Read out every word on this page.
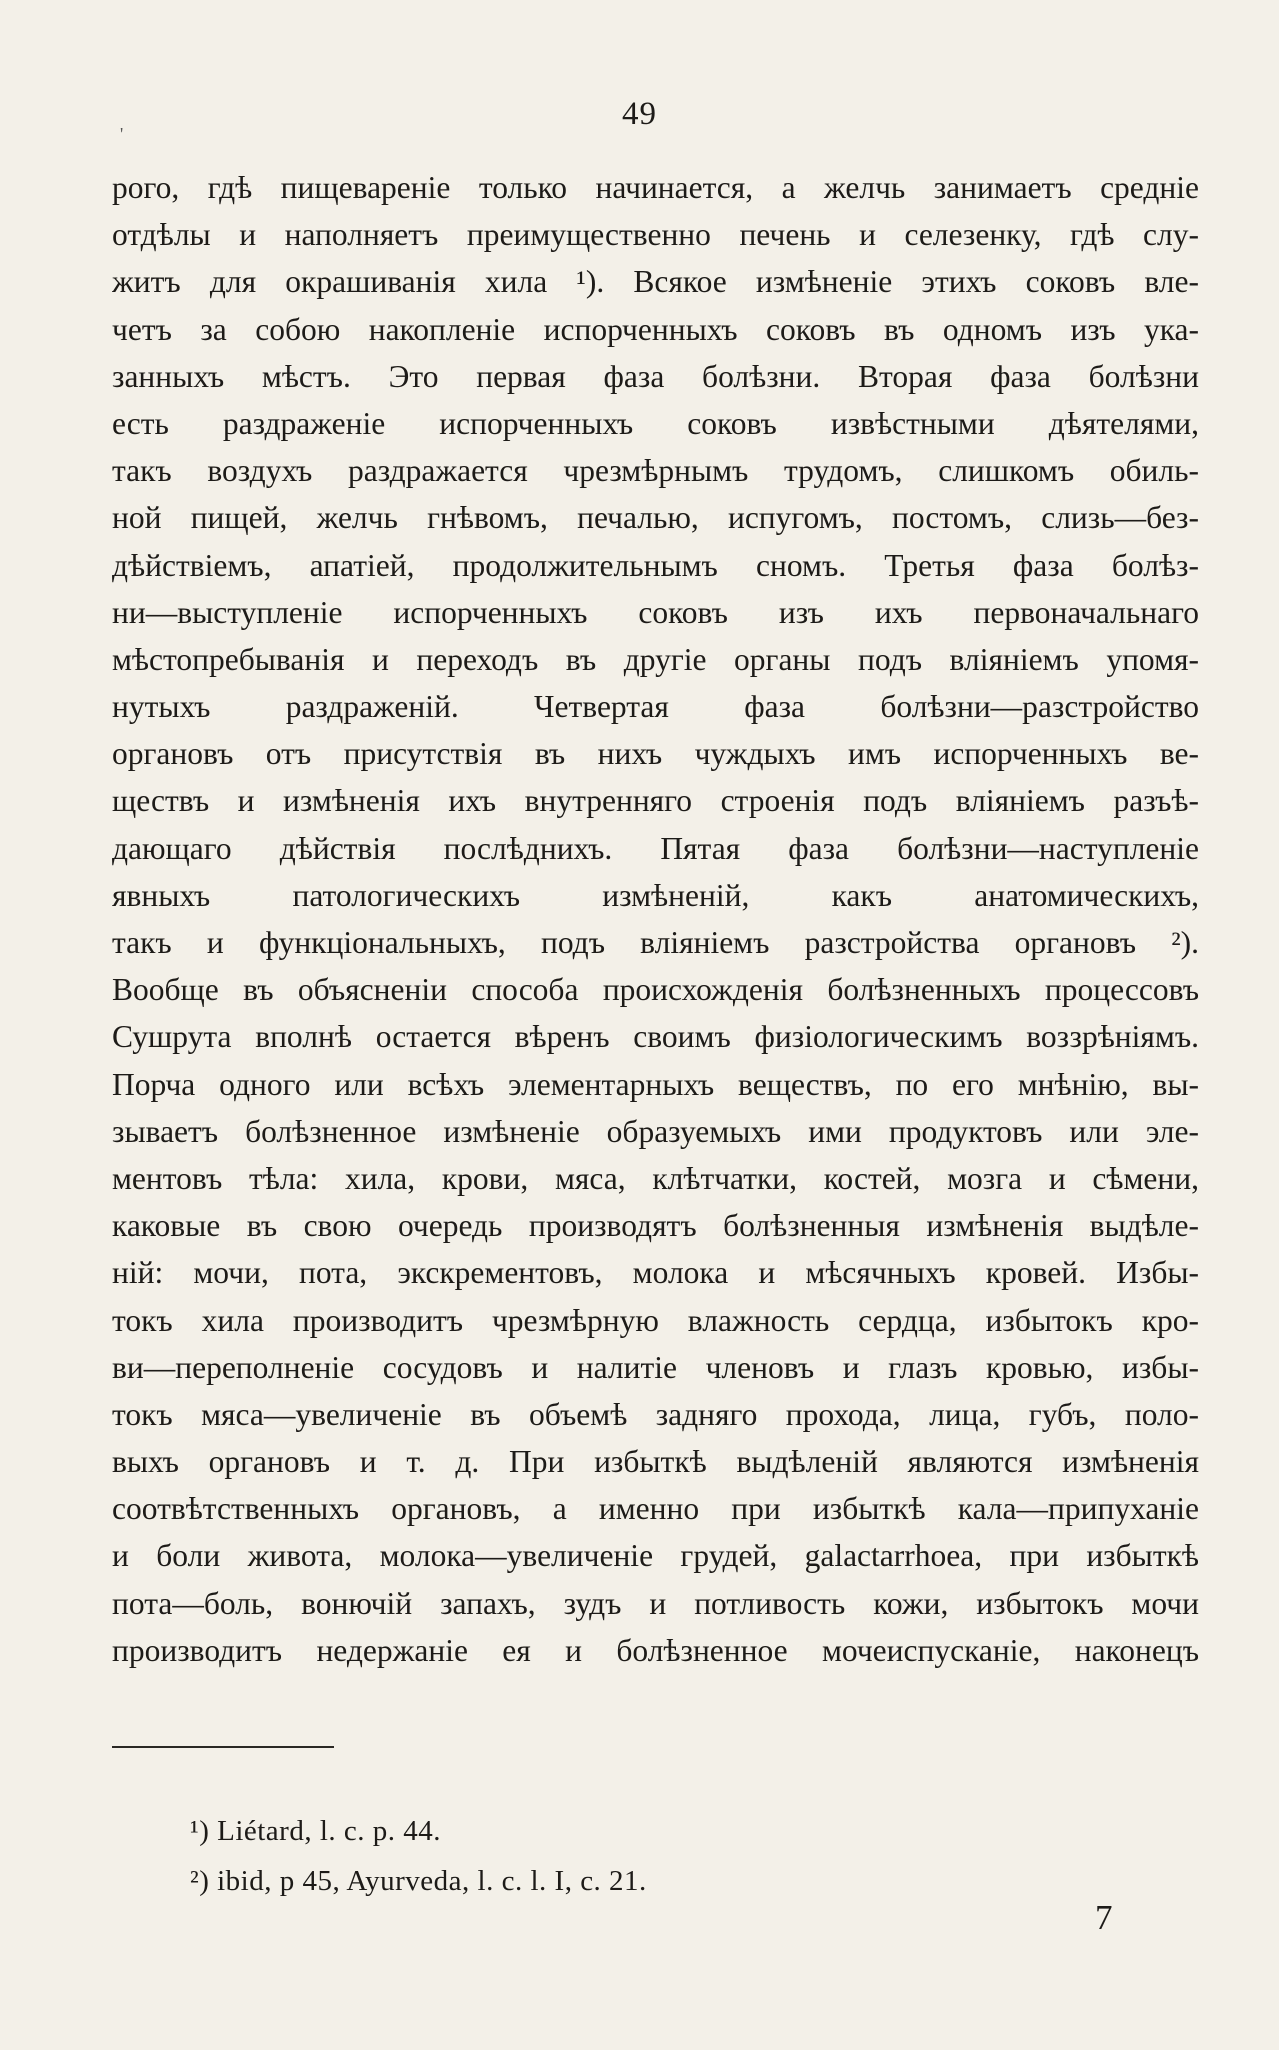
49
'
рого, гдѣ пищевареніе только начинается, а желчь занимаетъ средніе
отдѣлы и наполняетъ преимущественно печень и селезенку, гдѣ слу-
житъ для окрашиванія хила ¹). Всякое измѣненіе этихъ соковъ вле-
четъ за собою накопленіе испорченныхъ соковъ въ одномъ изъ ука-
занныхъ мѣстъ. Это первая фаза болѣзни. Вторая фаза болѣзни
есть раздраженіе испорченныхъ соковъ извѣстными дѣятелями,
такъ воздухъ раздражается чрезмѣрнымъ трудомъ, слишкомъ обиль-
ной пищей, желчь гнѣвомъ, печалью, испугомъ, постомъ, слизь—без-
дѣйствіемъ, апатіей, продолжительнымъ сномъ. Третья фаза болѣз-
ни—выступленіе испорченныхъ соковъ изъ ихъ первоначальнаго
мѣстопребыванія и переходъ въ другіе органы подъ вліяніемъ упомя-
нутыхъ раздраженій. Четвертая фаза болѣзни—разстройство
органовъ отъ присутствія въ нихъ чуждыхъ имъ испорченныхъ ве-
ществъ и измѣненія ихъ внутренняго строенія подъ вліяніемъ разъѣ-
дающаго дѣйствія послѣднихъ. Пятая фаза болѣзни—наступленіе
явныхъ патологическихъ измѣненій, какъ анатомическихъ,
такъ и функціональныхъ, подъ вліяніемъ разстройства органовъ ²).
Вообще въ объясненіи способа происхожденія болѣзненныхъ процессовъ
Сушрута вполнѣ остается вѣренъ своимъ физіологическимъ воззрѣніямъ.
Порча одного или всѣхъ элементарныхъ веществъ, по его мнѣнію, вы-
зываетъ болѣзненное измѣненіе образуемыхъ ими продуктовъ или эле-
ментовъ тѣла: хила, крови, мяса, клѣтчатки, костей, мозга и сѣмени,
каковые въ свою очередь производятъ болѣзненныя измѣненія выдѣле-
ній: мочи, пота, экскрементовъ, молока и мѣсячныхъ кровей. Избы-
токъ хила производитъ чрезмѣрную влажность сердца, избытокъ кро-
ви—переполненіе сосудовъ и налитіе членовъ и глазъ кровью, избы-
токъ мяса—увеличеніе въ объемѣ задняго прохода, лица, губъ, поло-
выхъ органовъ и т. д. При избыткѣ выдѣленій являются измѣненія
соотвѣтственныхъ органовъ, а именно при избыткѣ кала—припуханіе
и боли живота, молока—увеличеніе грудей, galactarrhoea, при избыткѣ
пота—боль, вонючій запахъ, зудъ и потливость кожи, избытокъ мочи
производитъ недержаніе ея и болѣзненное мочеиспусканіе, наконецъ
¹) Liétard, l. c. p. 44.
²) ibid, p 45, Ayurveda, l. c. l. I, c. 21.
7
